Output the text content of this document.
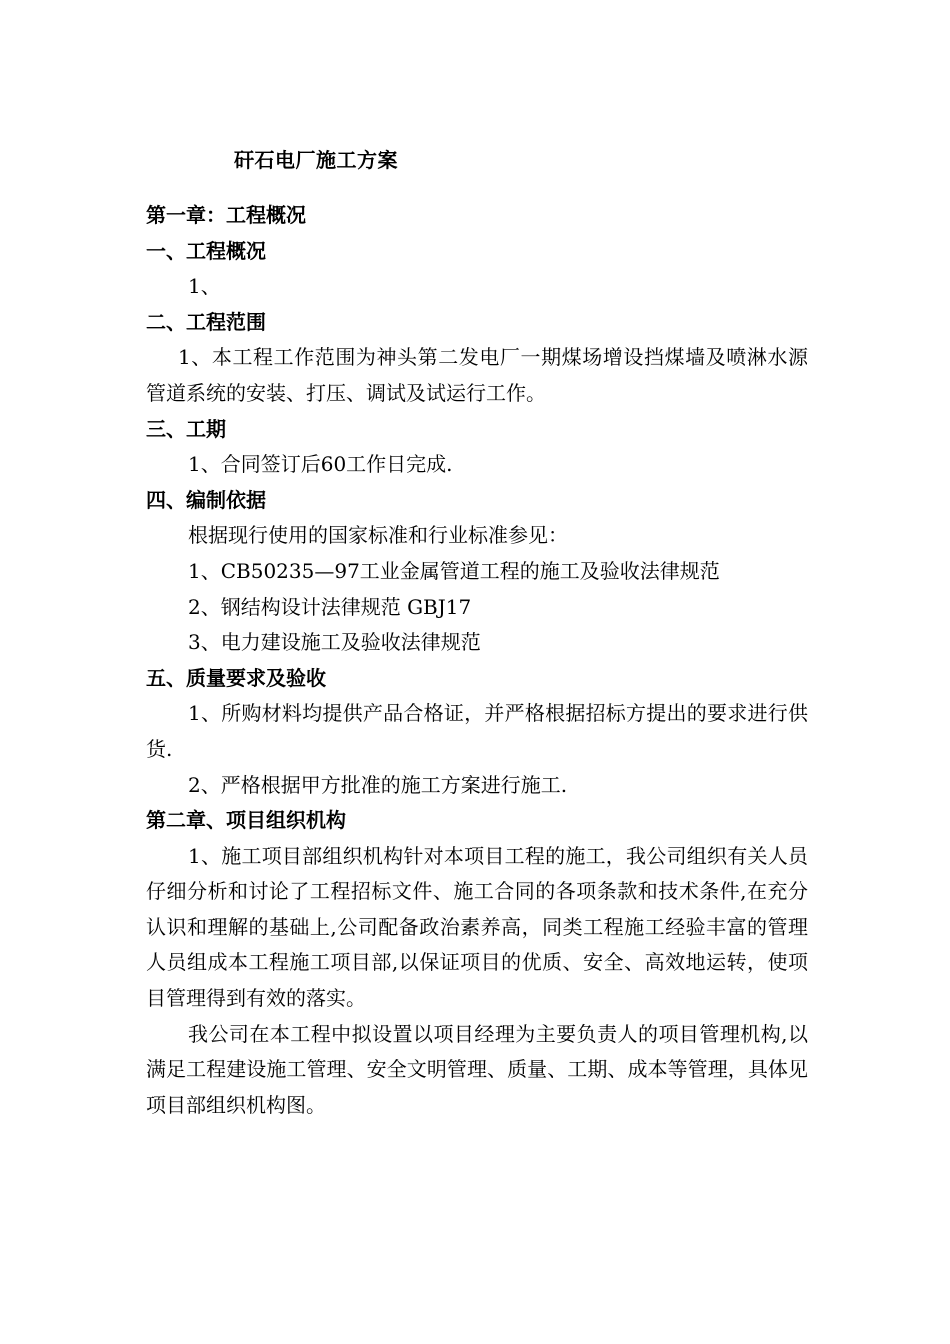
矸石电厂施工方案
第一章：工程概况
一、工程概况

1、

二、工程范围

1、本工程工作范围为神头第二发电厂一期煤场增设挡煤墙及喷淋水源管道系统的安装、打压、调试及试运行工作。

三、工期

1、合同签订后60工作日完成.

四、编制依据

根据现行使用的国家标准和行业标准参见：

1、CB50235—97工业金属管道工程的施工及验收法律规范

2、钢结构设计法律规范 GBJ17

3、电力建设施工及验收法律规范

五、质量要求及验收

1、所购材料均提供产品合格证，并严格根据招标方提出的要求进行供货.

2、严格根据甲方批准的施工方案进行施工.

第二章、项目组织机构

1、施工项目部组织机构针对本项目工程的施工，我公司组织有关人员仔细分析和讨论了工程招标文件、施工合同的各项条款和技术条件,在充分认识和理解的基础上,公司配备政治素养高，同类工程施工经验丰富的管理人员组成本工程施工项目部,以保证项目的优质、安全、高效地运转，使项目管理得到有效的落实。

我公司在本工程中拟设置以项目经理为主要负责人的项目管理机构,以满足工程建设施工管理、安全文明管理、质量、工期、成本等管理，具体见项目部组织机构图。
